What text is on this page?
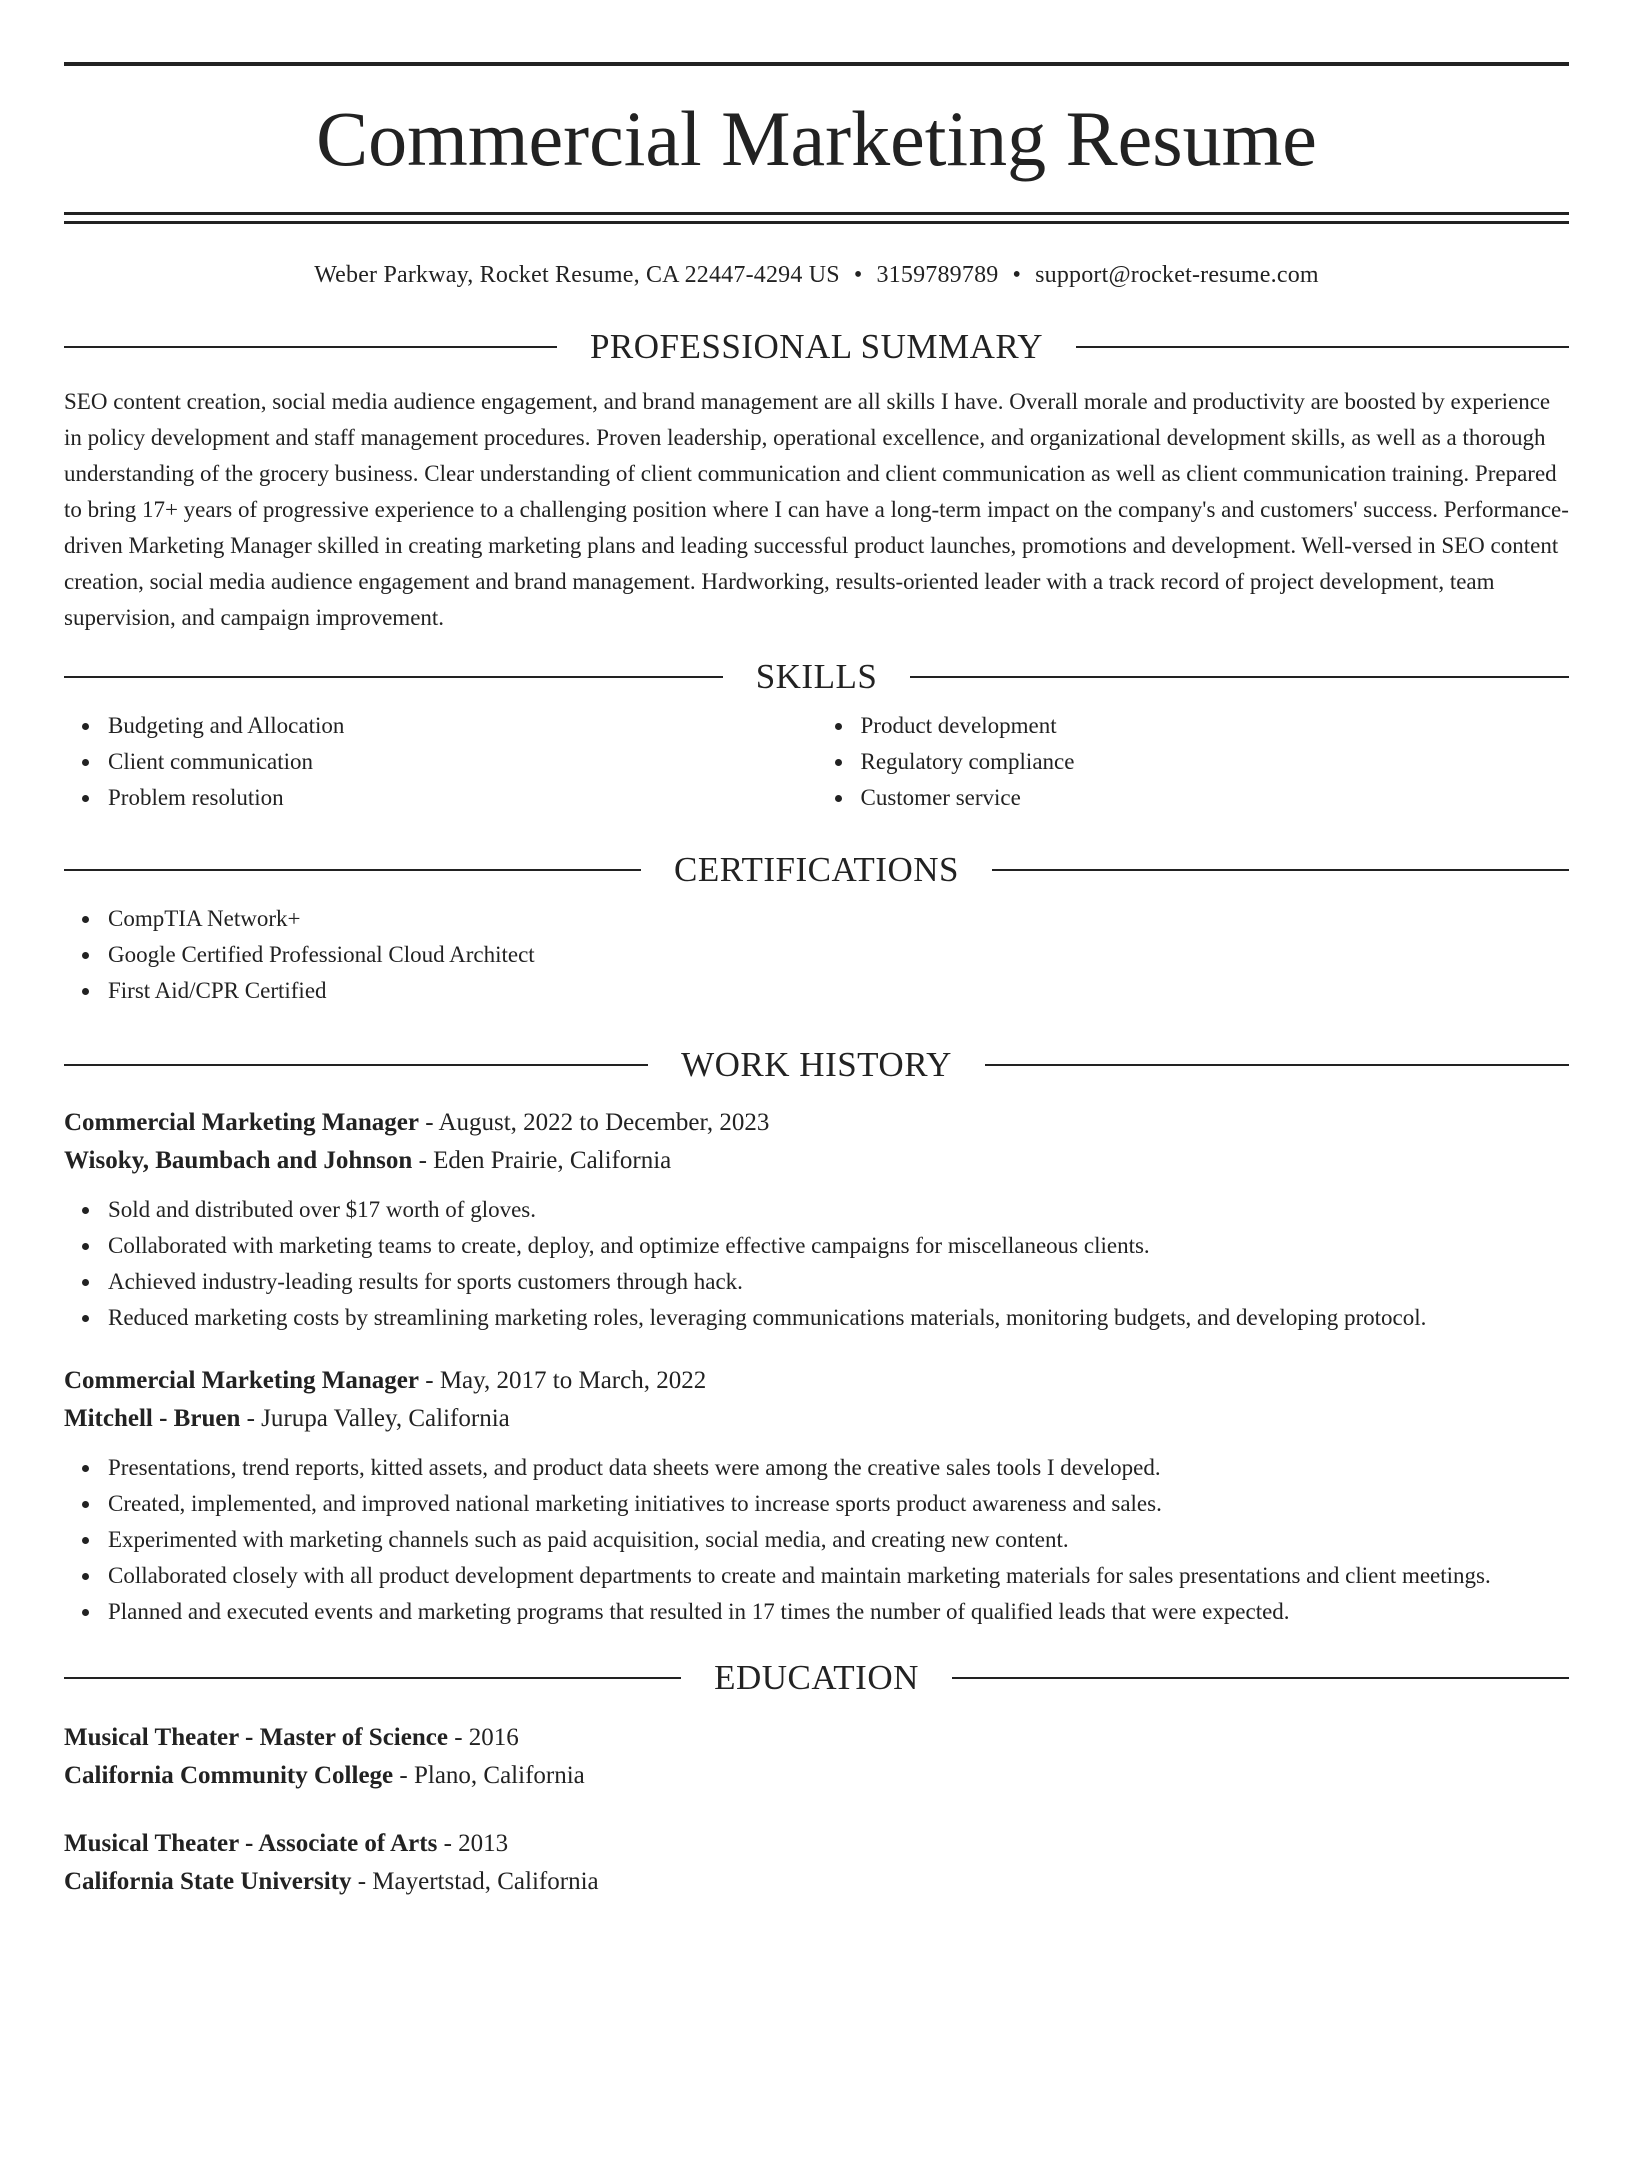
Commercial Marketing Resume
Weber Parkway, Rocket Resume, CA 22447-4294 US • 3159789789 • support@rocket-resume.com
PROFESSIONAL SUMMARY

SEO content creation, social media audience engagement, and brand management are all skills I have. Overall morale and productivity are boosted by experience in policy development and staff management procedures. Proven leadership, operational excellence, and organizational development skills, as well as a thorough understanding of the grocery business. Clear understanding of client communication and client communication as well as client communication training. Prepared to bring 17+ years of progressive experience to a challenging position where I can have a long-term impact on the company's and customers' success. Performance-driven Marketing Manager skilled in creating marketing plans and leading successful product launches, promotions and development. Well-versed in SEO content creation, social media audience engagement and brand management. Hardworking, results-oriented leader with a track record of project development, team supervision, and campaign improvement.

SKILLS
Budgeting and Allocation
Client communication
Problem resolution
Product development
Regulatory compliance
Customer service
CERTIFICATIONS
CompTIA Network+
Google Certified Professional Cloud Architect
First Aid/CPR Certified
WORK HISTORY
Commercial Marketing Manager - August, 2022 to December, 2023
Wisoky, Baumbach and Johnson - Eden Prairie, California
Sold and distributed over $17 worth of gloves.
Collaborated with marketing teams to create, deploy, and optimize effective campaigns for miscellaneous clients.
Achieved industry-leading results for sports customers through hack.
Reduced marketing costs by streamlining marketing roles, leveraging communications materials, monitoring budgets, and developing protocol.
Commercial Marketing Manager - May, 2017 to March, 2022
Mitchell - Bruen - Jurupa Valley, California
Presentations, trend reports, kitted assets, and product data sheets were among the creative sales tools I developed.
Created, implemented, and improved national marketing initiatives to increase sports product awareness and sales.
Experimented with marketing channels such as paid acquisition, social media, and creating new content.
Collaborated closely with all product development departments to create and maintain marketing materials for sales presentations and client meetings.
Planned and executed events and marketing programs that resulted in 17 times the number of qualified leads that were expected.
EDUCATION
Musical Theater - Master of Science - 2016
California Community College - Plano, California
Musical Theater - Associate of Arts - 2013
California State University - Mayertstad, California
